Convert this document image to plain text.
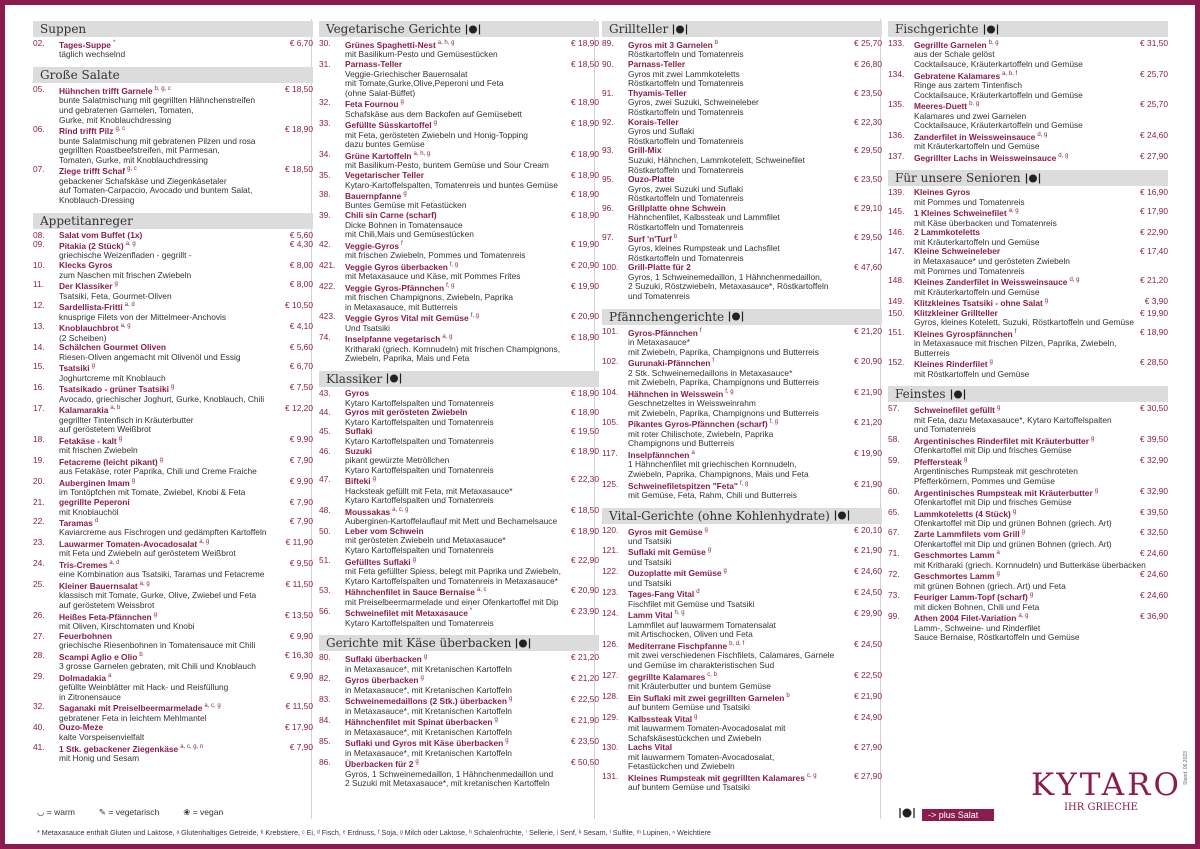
Suppen
02.	Tages-Suppe *	€ 6,70
täglich wechselnd
Große Salate
05.	Hühnchen trifft Garnele $^{b, g, c}$	€ 18,50
bunte Salatmischung mit gegrillten Hähnchenstreifen
und gebratenen Garnelen, Tomaten,
Gurke, mit Knoblauchdressing
06.	Rind trifft Pilz $^{g, c}$	€ 18,90
bunte Salatmischung mit gebratenen Pilzen und rosa
gegrillten Roastbeefstreifen, mit Parmesan,
Tomaten, Gurke, mit Knoblauchdressing
07.	Ziege trifft Schaf $^{g, c}$	€ 18,50
gebackener Schafskäse und Ziegenkäsetaler
auf Tomaten-Carpaccio, Avocado und buntem Salat,
Knoblauch-Dressing
Appetitanreger
08.	Salat vom Buffet (1x)	€ 5,60
09.	Pitakia (2 Stück) $^{a, g}$	€ 4,30
griechische Weizenfladen - gegrillt -
10.	Klecks Gyros	€ 8,00
zum Naschen mit frischen Zwiebeln
11.	Der Klassiker $^g$	€ 8,00
Tsatsiki, Feta, Gourmet-Oliven
12.	Sardellista-Fritti $^{a, d}$	€ 10,50
knusprige Filets von der Mittelmeer-Anchovis
13.	Knoblauchbrot $^{a, g}$	€ 4,10
(2 Scheiben)
14.	Schälchen Gourmet Oliven	€ 5,60
Riesen-Oliven angemacht mit Olivenöl und Essig
15.	Tsatsiki $^g$	€ 6,70
Joghurtcreme mit Knoblauch
16.	Tsatsikado - grüner Tsatsiki $^g$	€ 7,50
Avocado, griechischer Joghurt, Gurke, Knoblauch, Chili
17.	Kalamarakia $^{a, b}$	€ 12,20
gegrillter Tintenfisch in Kräuterbutter
auf geröstetem Weißbrot
18.	Fetakäse - kalt $^g$	€ 9,90
mit frischen Zwiebeln
19.	Fetacreme (leicht pikant) $^g$	€ 7,90
aus Fetakäse, roter Paprika, Chili und Creme Fraiche
20.	Auberginen Imam $^g$	€ 9,90
im Tontöpfchen mit Tomate, Zwiebel, Knobi & Feta
21.	gegrillte Peperoni	€ 7,90
mit Knoblauchöl
22.	Taramas $^d$	€ 7,90
Kaviarcreme aus Fischrogen und gedämpften Kartoffeln
23.	Lauwarmer Tomaten-Avocadosalat $^{a, g}$	€ 11,90
mit Feta und Zwiebeln auf geröstetem Weißbrot
24.	Tris-Cremes $^{a, d}$	€ 9,50
eine Kombination aus Tsatsiki, Taramas und Fetacreme
25.	Kleiner Bauernsalat $^{a, g}$	€ 11,50
klassisch mit Tomate, Gurke, Olive, Zwiebel und Feta
auf geröstetem Weissbrot
26.	Heißes Feta-Pfännchen $^g$	€ 13,50
mit Oliven, Kirschtomaten und Knobi
27.	Feuerbohnen	€ 9,90
griechische Riesenbohnen in Tomatensauce mit Chili
28.	Scampi Aglio e Olio $^b$	€ 16,30
3 grosse Garnelen gebraten, mit Chili und Knoblauch
29.	Dolmadakia $^a$	€ 9,90
gefüllte Weinblätter mit Hack- und Reisfüllung
in Zitronensauce
32.	Saganaki mit Preiselbeermarmelade $^{a, c, g}$	€ 11,50
gebratener Feta in leichtem Mehlmantel
40.	Ouzo-Meze	€ 17,90
kalte Vorspeisenvielfalt
41.	1 Stk. gebackener Ziegenkäse $^{a, c, g, n}$	€ 7,90
mit Honig und Sesam
Vegetarische Gerichte
30.	Grünes Spaghetti-Nest $^{a, h, g}$	€ 18,90
mit Basilikum-Pesto und Gemüsestücken
31.	Parnass-Teller	€ 18,50
Veggie-Griechischer Bauernsalat
mit Tomate,Gurke,Olive,Peperoni und Feta
(ohne Salat-Büffet)
32.	Feta Fournou $^g$	€ 18,90
Schafskäse aus dem Backofen auf Gemüsebett
33.	Gefüllte Süsskartoffel $^g$	€ 18,90
mit Feta, gerösteten Zwiebeln und Honig-Topping
dazu buntes Gemüse
34.	Grüne Kartoffeln $^{a, h, g}$	€ 18,90
mit Basilikum-Pesto, buntem Gemüse und Sour Cream
35.	Vegetarischer Teller	€ 18,90
Kytaro-Kartoffelspalten, Tomatenreis und buntes Gemüse
38.	Bauernpfanne $^g$	€ 18,90
Buntes Gemüse mit Fetastücken
39.	Chili sin Carne (scharf)	€ 18,90
Dicke Bohnen in Tomatensauce
mit Chili,Mais und Gemüsestücken
42.	Veggie-Gyros $^f$	€ 19,90
mit frischen Zwiebeln, Pommes und Tomatenreis
421.	Veggie Gyros überbacken $^{f, g}$	€ 20,90
mit Metaxasauce und Käse, mit Pommes Frites
422.	Veggie Gyros-Pfännchen $^{f, g}$	€ 19,90
mit frischen Champignons, Zwiebeln, Paprika
in Metaxasauce, mit Butterreis
423.	Veggie Gyros Vital mit Gemüse $^{f, g}$	€ 20,90
Und Tsatsiki
74.	Inselpfanne vegetarisch $^{a, g}$	€ 18,90
Kritharaki (griech. Kornnudeln) mit frischen Champignons,
Zwiebeln, Paprika, Mais und Feta
Klassiker
43.	Gyros	€ 18,90
Kytaro Kartoffelspalten und Tomatenreis
44.	Gyros mit gerösteten Zwiebeln	€ 18,90
Kytaro Kartoffelspalten und Tomatenreis
45.	Suflaki	€ 19,50
Kytaro Kartoffelspalten und Tomatenreis
46.	Suzuki	€ 18,90
pikant gewürzte Metröllchen
Kytaro Kartoffelspalten und Tomatenreis
47.	Bifteki $^g$	€ 22,30
Hacksteak gefüllt mit Feta, mit Metaxasauce*
Kytaro Kartoffelspalten und Tomatenreis
48.	Moussakas $^{a, c, g}$	€ 18,50
Auberginen-Kartoffelauflauf mit Mett und Bechamelsauce
50.	Leber vom Schwein	€ 18,90
mit gerösteten Zwiebeln und Metaxasauce*
Kytaro Kartoffelspalten und Tomatenreis
51.	Gefülltes Suflaki $^g$	€ 22,90
mit Feta gefüllter Spiess, belegt mit Paprika und Zwiebeln,
Kytaro Kartoffelspalten und Tomatenreis in Metaxasauce*
53.	Hähnchenfilet in Sauce Bernaise $^{a, c}$	€ 20,90
mit Preiselbeermarmelade und einer Ofenkartoffel mit Dip
56.	Schweinefilet mit Metaxasauce *	€ 23,90
Kytaro Kartoffelspalten und Tomatenreis
Gerichte mit Käse überbacken
80.	Suflaki überbacken $^g$	€ 21,20
in Metaxasauce*, mit Kretanischen Kartoffeln
82.	Gyros überbacken $^g$	€ 21,20
in Metaxasauce*, mit Kretanischen Kartoffeln
83.	Schweinemedaillons (2 Stk.) überbacken $^g$	€ 22,50
in Metaxasauce*, mit Kretanischen Kartoffeln
84.	Hähnchenfilet mit Spinat überbacken $^g$	€ 21,90
in Metaxasauce*, mit Kretanischen Kartoffeln
85.	Suflaki und Gyros mit Käse überbacken $^g$	€ 23,50
in Metaxasauce*, mit Kretanischen Kartoffeln
86.	Überbacken für 2 $^g$	€ 50,50
Gyros, 1 Schweinemedaillon, 1 Hähnchenmedaillon und
2 Suzuki mit Metaxasauce*, mit kretanischen Kartoffeln
Grillteller
89.	Gyros mit 3 Garnelen $^b$	€ 25,70
Röstkartoffeln und Tomatenreis
90.	Parnass-Teller	€ 26,80
Gyros mit zwei Lammkoteletts
Röstkartoffeln und Tomatenreis
91.	Thyamis-Teller	€ 23,50
Gyros, zwei Suzuki, Schweineleber
Röstkartoffeln und Tomatenreis
92.	Korais-Teller	€ 22,30
Gyros und Suflaki
Röstkartoffeln und Tomatenreis
93.	Grill-Mix	€ 29,50
Suzuki, Hähnchen, Lammkotelett, Schweinefilet
Röstkartoffeln und Tomatenreis
95.	Ouzo-Platte	€ 23,50
Gyros, zwei Suzuki und Suflaki
Röstkartoffeln und Tomatenreis
96.	Grillplatte ohne Schwein	€ 29,10
Hähnchenfilet, Kalbssteak und Lammfilet
Röstkartoffeln und Tomatenreis
97.	Surf 'n'Turf $^b$	€ 29,50
Gyros, kleines Rumpsteak und Lachsfilet
Röstkartoffeln und Tomatenreis
100.	Grill-Platte für 2	€ 47,60
Gyros, 1 Schweinemedaillon, 1 Hähnchenmedaillon,
2 Suzuki, Röstzwiebeln, Metaxasauce*, Röstkartoffeln
und Tomatenreis
Pfännchengerichte
101.	Gyros-Pfännchen $^f$	€ 21,20
in Metaxasauce*
mit Zwiebeln, Paprika, Champignons und Butterreis
102.	Gurunaki-Pfännchen $^f$	€ 20,90
2 Stk. Schweinemedaillons in Metaxasauce*
mit Zwiebeln, Paprika, Champignons und Butterreis
104.	Hähnchen in Weisswein $^{f, g}$	€ 21,90
Geschnetzeltes in Weissweinrahm
mit Zwiebeln, Paprika, Champignons und Butterreis
105.	Pikantes Gyros-Pfännchen (scharf) $^{f, g}$	€ 21,20
mit roter Chilischote, Zwiebeln, Paprika
Champignons und Butterreis
117.	Inselpfännchen $^a$	€ 19,90
1 Hähnchenfilet mit griechischen Kornnudeln,
Zwiebeln, Paprika, Champignons, Mais und Feta
125.	Schweinefiletspitzen "Feta" $^{f, g}$	€ 21,90
mit Gemüse, Feta, Rahm, Chili und Butterreis
Vital-Gerichte (ohne Kohlenhydrate)
120.	Gyros mit Gemüse $^g$	€ 20,10
und Tsatsiki
121.	Suflaki mit Gemüse $^g$	€ 21,90
und Tsatsiki
122.	Ouzoplatte mit Gemüse $^g$	€ 24,60
und Tsatsiki
123.	Tages-Fang Vital $^d$	€ 24,50
Fischfilet mit Gemüse und Tsatsiki
124.	Lamm Vital $^{h, g}$	€ 29,90
Lammfilet auf lauwarmem Tomatensalat
mit Artischocken, Oliven und Feta
126.	Mediterrane Fischpfanne $^{b, d, f}$	€ 24,50
mit zwei verschiedenen Fischfilets, Calamares, Garnele
und Gemüse im charakteristischen Sud
127.	gegrillte Kalamares $^{c, b}$	€ 22,50
mit Kräuterbutter und buntem Gemüse
128.	Ein Suflaki mit zwei gegrillten Garnelen $^b$	€ 21,90
auf buntem Gemüse und Tsatsiki
129.	Kalbssteak Vital $^g$	€ 24,90
mit lauwarmem Tomaten-Avocadosalat mit
Schafskäsestückchen und Zwiebeln
130.	Lachs Vital	€ 27,90
mit lauwarmem Tomaten-Avocadosalat,
Fetastückchen und Zwiebeln
131.	Kleines Rumpsteak mit gegrillten Kalamares $^{c, g}$	€ 27,90
auf buntem Gemüse und Tsatsiki
Fischgerichte
133.	Gegrillte Garnelen $^{b, g}$	€ 31,50
aus der Schale gelöst
Cocktailsauce, Kräuterkartoffeln und Gemüse
134.	Gebratene Kalamares $^{a, b, f}$	€ 25,70
Ringe aus zartem Tintenfisch
Cocktailsauce, Kräuterkartoffeln und Gemüse
135.	Meeres-Duett $^{b, g}$	€ 25,70
Kalamares und zwei Garnelen
Cocktailsauce, Kräuterkartoffeln und Gemüse
136.	Zanderfilet in Weissweinsauce $^{d, g}$	€ 24,60
mit Kräuterkartoffeln und Gemüse
137.	Gegrillter Lachs in Weissweinsauce $^{d, g}$	€ 27,90
Für unsere Senioren
139.	Kleines Gyros	€ 16,90
mit Pommes und Tomatenreis
145.	1 Kleines Schweinefilet $^{a, g}$	€ 17,90
mit Käse überbacken und Tomatenreis
146.	2 Lammkoteletts	€ 22,90
mit Kräuterkartoffeln und Gemüse
147.	Kleine Schweineleber	€ 17,40
in Metaxasauce* und gerösteten Zwiebeln
mit Pommes und Tomatenreis
148.	Kleines Zanderfilet in Weissweinsauce $^{d, g}$	€ 21,20
mit Kräuterkartoffeln und Gemüse
149.	Klitzkleines Tsatsiki - ohne Salat $^g$	€ 3,90
150.	Klitzkleiner Grillteller	€ 19,90
Gyros, kleines Kotelett, Suzuki, Röstkartoffeln und Gemüse
151.	Kleines Gyrospfännchen $^f$	€ 18,90
in Metaxasauce mit frischen Pilzen, Paprika, Zwiebeln,
Butterreis
152.	Kleines Rinderfilet $^g$	€ 28,50
mit Röstkartoffeln und Gemüse
Feinstes
57.	Schweinefilet gefüllt $^g$	€ 30,50
mit Feta, dazu Metaxasauce*, Kytaro Kartoffelspalten
und Tomatenreis
58.	Argentinisches Rinderfilet mit Kräuterbutter $^g$	€ 39,50
Ofenkartoffel mit Dip und frisches Gemüse
59.	Pfeffersteak $^g$	€ 32,90
Argentinisches Rumpsteak mit geschroteten
Pfefferkörnern, Pommes und Gemüse
60.	Argentinisches Rumpsteak mit Kräuterbutter $^g$	€ 32,90
Ofenkartoffel mit Dip und frisches Gemüse
65.	Lammkoteletts (4 Stück) $^g$	€ 39,50
Ofenkartoffel mit Dip und grünen Bohnen (griech. Art)
67.	Zarte Lammfilets vom Grill $^g$	€ 32,50
Ofenkartoffel mit Dip und grünen Bohnen (griech. Art)
71.	Geschmortes Lamm $^a$	€ 24,60
mit Kritharaki (griech. Kornnudeln) und Butterkäse überbacken
72.	Geschmortes Lamm $^g$	€ 24,60
mit grünen Bohnen (griech. Art) und Feta
73.	Feuriger Lamm-Topf (scharf) $^g$	€ 24,60
mit dicken Bohnen, Chili und Feta
99.	Athen 2004 Filet-Variation $^{a, g}$	€ 36,90
Lamm-, Schweine- und Rinderfilet
Sauce Bernaise, Röstkartoffeln und Gemüse
◡ = warm	✎ = vegetarisch	❀ = vegan	-> plus Salat
KYTARO
IHR GRIECHE
Stand: 06.2023
* Metaxasauce enthält Gluten und Laktose, ᵃ Glutenhaltiges Getreide, ᵇ Krebstiere, ᶜ Ei, ᵈ Fisch, ᵉ Erdnuss, ᶠ Soja, ᵍ Milch oder Laktose, ʰ Schalenfrüchte, ⁱ Sellerie, ʲ Senf, ᵏ Sesam, ˡ Sulfite, ᵐ Lupinen, ⁿ Weichtiere
